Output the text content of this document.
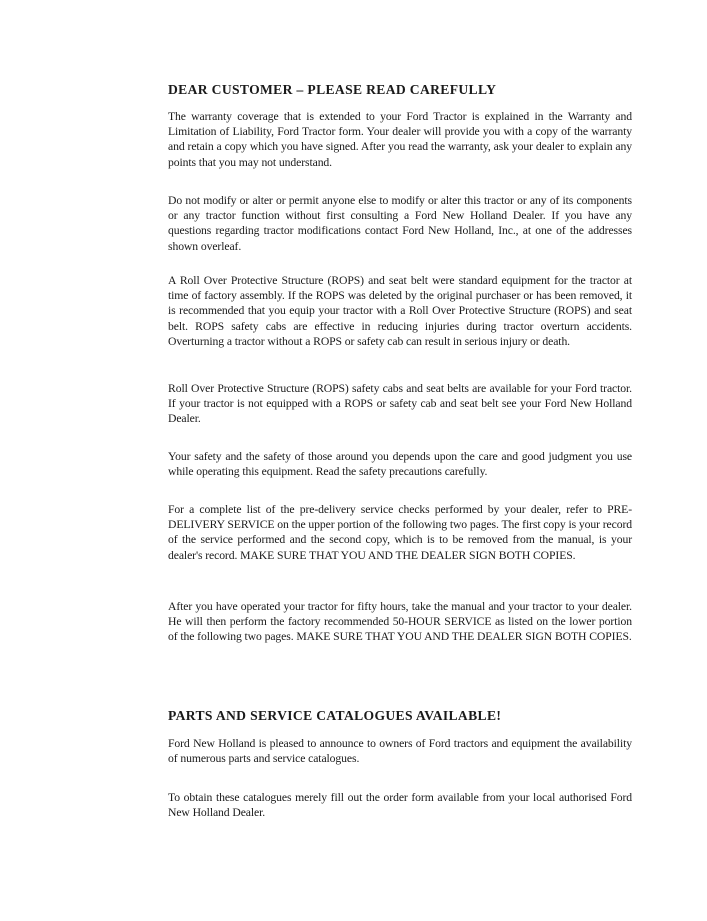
DEAR CUSTOMER – PLEASE READ CAREFULLY

The warranty coverage that is extended to your Ford Tractor is explained in the Warranty and Limitation of Liability, Ford Tractor form. Your dealer will provide you with a copy of the warranty and retain a copy which you have signed. After you read the warranty, ask your dealer to explain any points that you may not understand.

Do not modify or alter or permit anyone else to modify or alter this tractor or any of its components or any tractor function without first consulting a Ford New Holland Dealer. If you have any questions regarding tractor modifications contact Ford New Holland, Inc., at one of the addresses shown overleaf.

A Roll Over Protective Structure (ROPS) and seat belt were standard equipment for the tractor at time of factory assembly. If the ROPS was deleted by the original purchaser or has been removed, it is recommended that you equip your tractor with a Roll Over Protective Structure (ROPS) and seat belt. ROPS safety cabs are effective in reducing injuries during tractor overturn accidents. Overturning a tractor without a ROPS or safety cab can result in serious injury or death.

Roll Over Protective Structure (ROPS) safety cabs and seat belts are available for your Ford tractor. If your tractor is not equipped with a ROPS or safety cab and seat belt see your Ford New Holland Dealer.

Your safety and the safety of those around you depends upon the care and good judgment you use while operating this equipment. Read the safety precautions carefully.

For a complete list of the pre-delivery service checks performed by your dealer, refer to PRE-DELIVERY SERVICE on the upper portion of the following two pages. The first copy is your record of the service performed and the second copy, which is to be removed from the manual, is your dealer's record. MAKE SURE THAT YOU AND THE DEALER SIGN BOTH COPIES.

After you have operated your tractor for fifty hours, take the manual and your tractor to your dealer. He will then perform the factory recommended 50-HOUR SERVICE as listed on the lower portion of the following two pages. MAKE SURE THAT YOU AND THE DEALER SIGN BOTH COPIES.

PARTS AND SERVICE CATALOGUES AVAILABLE!

Ford New Holland is pleased to announce to owners of Ford tractors and equipment the availability of numerous parts and service catalogues.

To obtain these catalogues merely fill out the order form available from your local authorised Ford New Holland Dealer.
